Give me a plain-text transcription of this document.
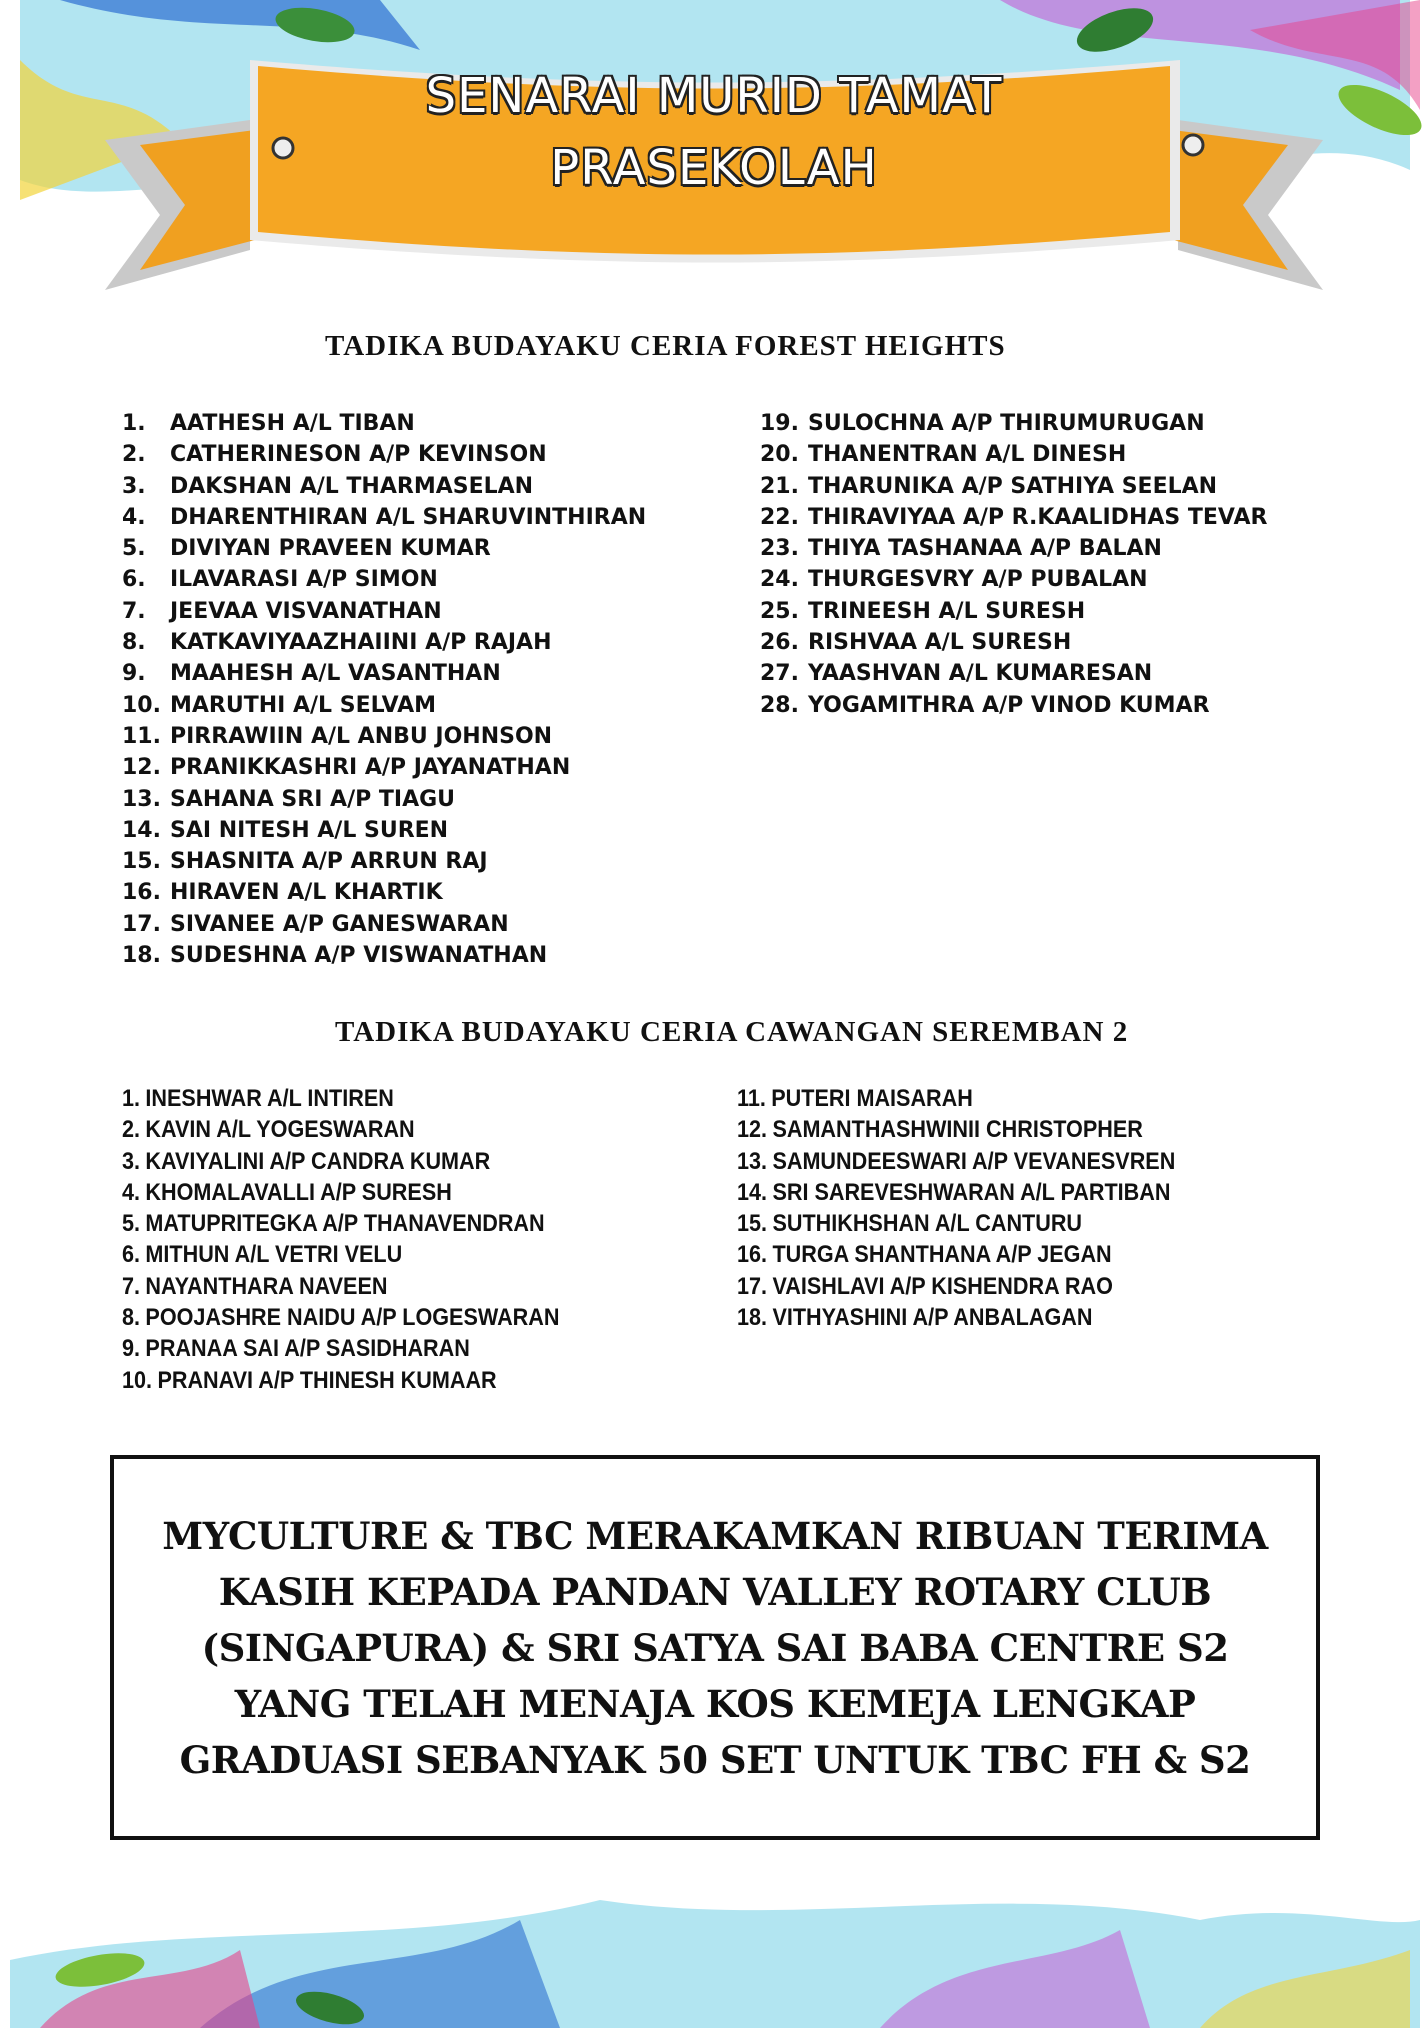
SENARAI MURID TAMAT
PRASEKOLAH
TADIKA BUDAYAKU CERIA FOREST HEIGHTS
1.	AATHESH A/L TIBAN
2.	CATHERINESON A/P KEVINSON
3.	DAKSHAN A/L THARMASELAN
4.	DHARENTHIRAN A/L SHARUVINTHIRAN
5.	DIVIYAN PRAVEEN KUMAR
6.	ILAVARASI A/P SIMON
7.	JEEVAA VISVANATHAN
8.	KATKAVIYAAZHAIINI A/P RAJAH
9.	MAAHESH A/L VASANTHAN
10. MARUTHI A/L SELVAM
11. PIRRAWIIN A/L ANBU JOHNSON
12. PRANIKKASHRI A/P JAYANATHAN
13. SAHANA SRI A/P TIAGU
14. SAI NITESH A/L SUREN
15. SHASNITA A/P ARRUN RAJ
16. HIRAVEN A/L KHARTIK
17. SIVANEE A/P GANESWARAN
18. SUDESHNA A/P VISWANATHAN
19. SULOCHNA A/P THIRUMURUGAN
20. THANENTRAN A/L DINESH
21. THARUNIKA A/P SATHIYA SEELAN
22. THIRAVIYAA A/P R.KAALIDHAS TEVAR
23. THIYA TASHANAA A/P BALAN
24. THURGESVRY A/P PUBALAN
25. TRINEESH A/L SURESH
26. RISHVAA A/L SURESH
27. YAASHVAN A/L KUMARESAN
28. YOGAMITHRA A/P VINOD KUMAR
TADIKA BUDAYAKU CERIA CAWANGAN SEREMBAN 2
1. INESHWAR A/L INTIREN
2. KAVIN A/L YOGESWARAN
3. KAVIYALINI A/P CANDRA KUMAR
4. KHOMALAVALLI A/P SURESH
5. MATUPRITEGKA A/P THANAVENDRAN
6. MITHUN A/L VETRI VELU
7. NAYANTHARA NAVEEN
8. POOJASHRE NAIDU A/P LOGESWARAN
9. PRANAA SAI A/P SASIDHARAN
10. PRANAVI A/P THINESH KUMAAR
11. PUTERI MAISARAH
12. SAMANTHASHWINII CHRISTOPHER
13. SAMUNDEESWARI A/P VEVANESVREN
14. SRI SAREVESHWARAN A/L PARTIBAN
15. SUTHIKHSHAN A/L CANTURU
16. TURGA SHANTHANA A/P JEGAN
17. VAISHLAVI A/P KISHENDRA RAO
18. VITHYASHINI A/P ANBALAGAN

MYCULTURE & TBC MERAKAMKAN RIBUAN TERIMA KASIH KEPADA PANDAN VALLEY ROTARY CLUB (SINGAPURA) & SRI SATYA SAI BABA CENTRE S2 YANG TELAH MENAJA KOS KEMEJA LENGKAP GRADUASI SEBANYAK 50 SET UNTUK TBC FH & S2
